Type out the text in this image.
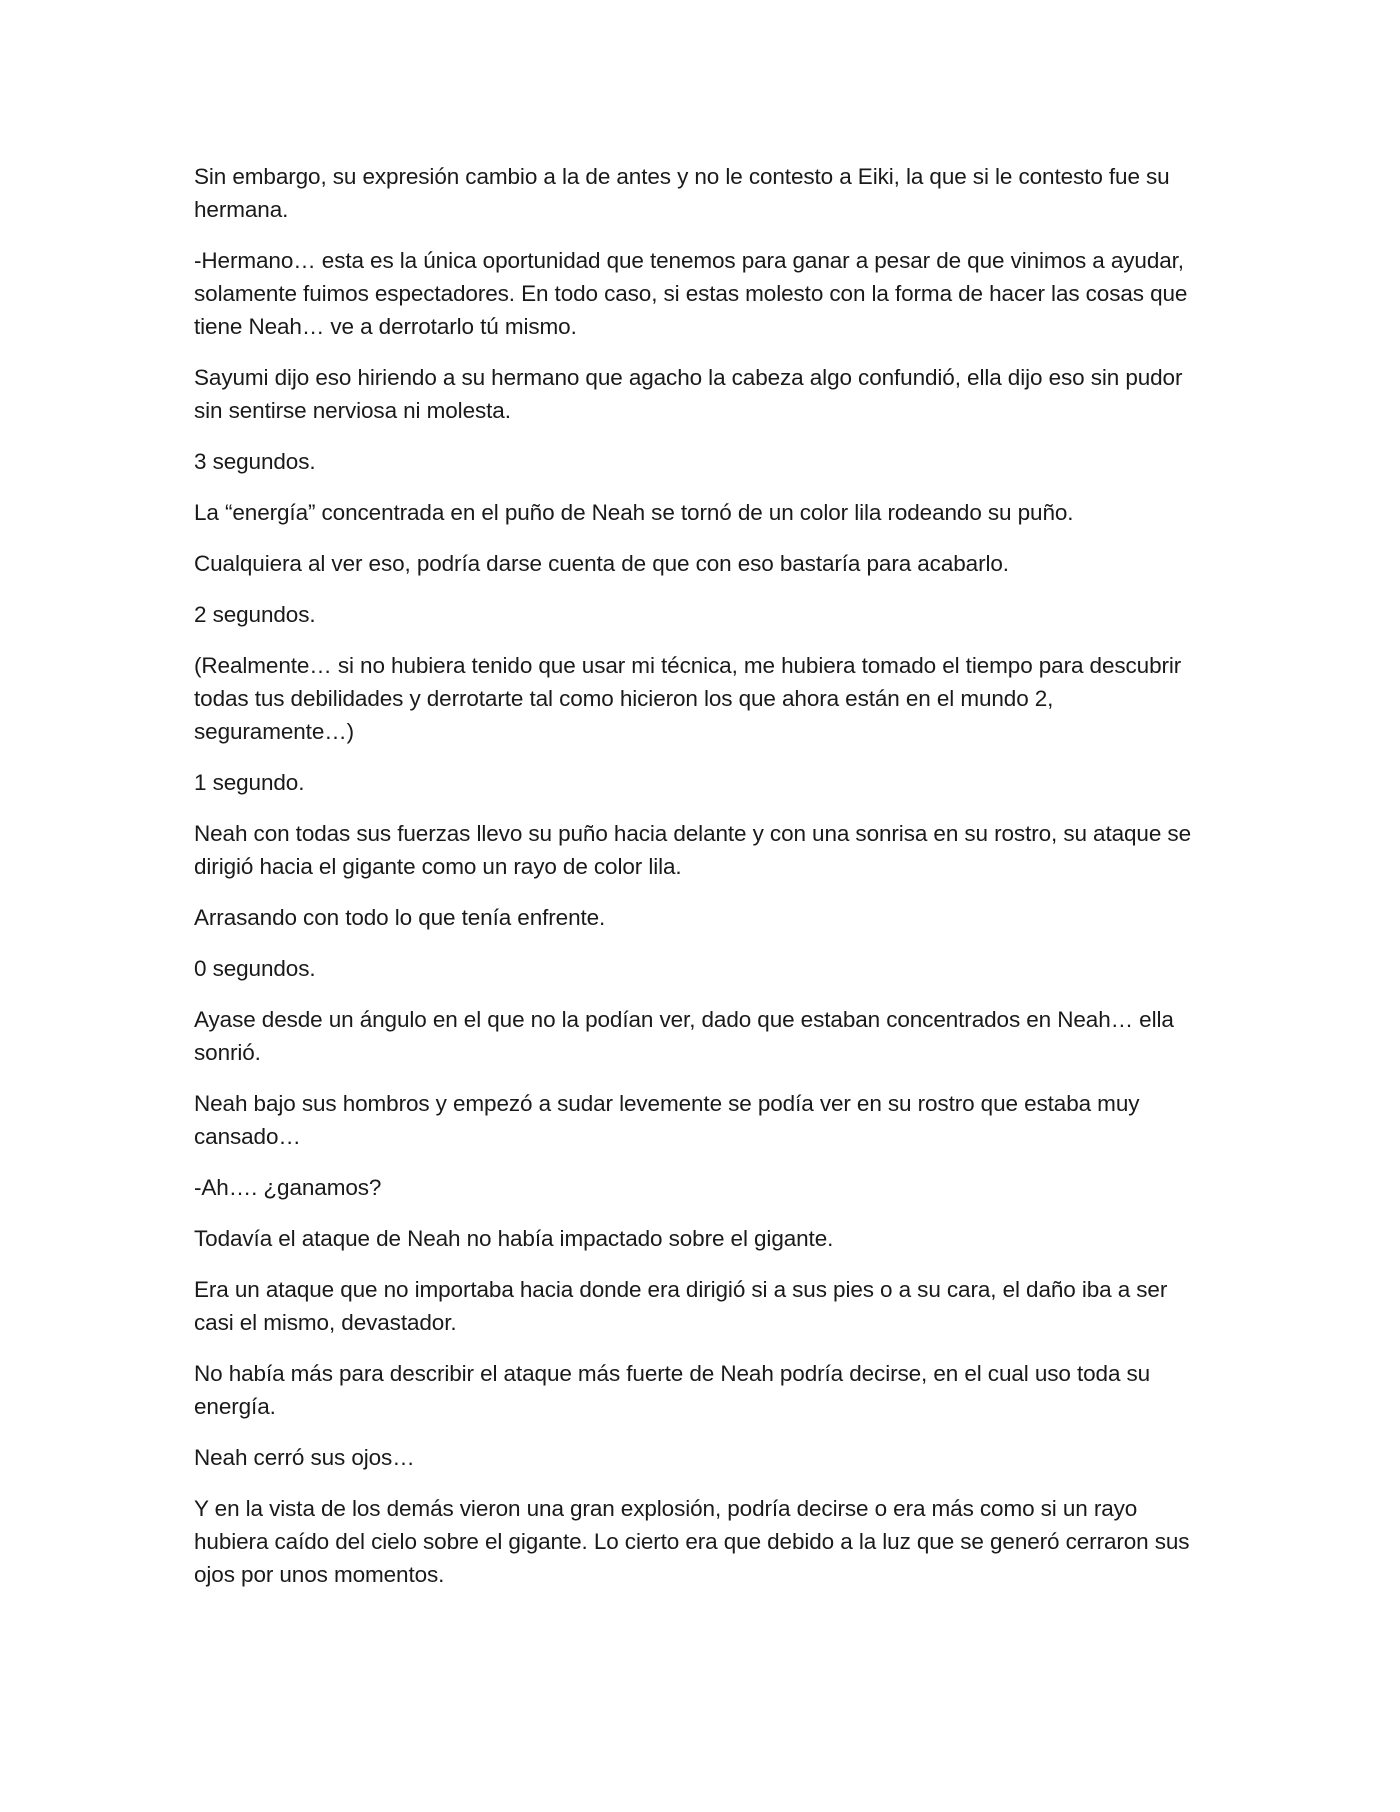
Sin embargo, su expresión cambio a la de antes y no le contesto a Eiki, la que si le contesto fue su hermana.

-Hermano… esta es la única oportunidad que tenemos para ganar a pesar de que vinimos a ayudar, solamente fuimos espectadores. En todo caso, si estas molesto con la forma de hacer las cosas que tiene Neah… ve a derrotarlo tú mismo.

Sayumi dijo eso hiriendo a su hermano que agacho la cabeza algo confundió, ella dijo eso sin pudor sin sentirse nerviosa ni molesta.

3 segundos.

La “energía” concentrada en el puño de Neah se tornó de un color lila rodeando su puño.

Cualquiera al ver eso, podría darse cuenta de que con eso bastaría para acabarlo.

2 segundos.

(Realmente… si no hubiera tenido que usar mi técnica, me hubiera tomado el tiempo para descubrir todas tus debilidades y derrotarte tal como hicieron los que ahora están en el mundo 2, seguramente…)

1 segundo.

Neah con todas sus fuerzas llevo su puño hacia delante y con una sonrisa en su rostro, su ataque se dirigió hacia el gigante como un rayo de color lila.

Arrasando con todo lo que tenía enfrente.

0 segundos.

Ayase desde un ángulo en el que no la podían ver, dado que estaban concentrados en Neah… ella sonrió.

Neah bajo sus hombros y empezó a sudar levemente se podía ver en su rostro que estaba muy cansado…

-Ah…. ¿ganamos?

Todavía el ataque de Neah no había impactado sobre el gigante.

Era un ataque que no importaba hacia donde era dirigió si a sus pies o a su cara, el daño iba a ser casi el mismo, devastador.

No había más para describir el ataque más fuerte de Neah podría decirse, en el cual uso toda su energía.

Neah cerró sus ojos…

Y en la vista de los demás vieron una gran explosión, podría decirse o era más como si un rayo hubiera caído del cielo sobre el gigante. Lo cierto era que debido a la luz que se generó cerraron sus ojos por unos momentos.
